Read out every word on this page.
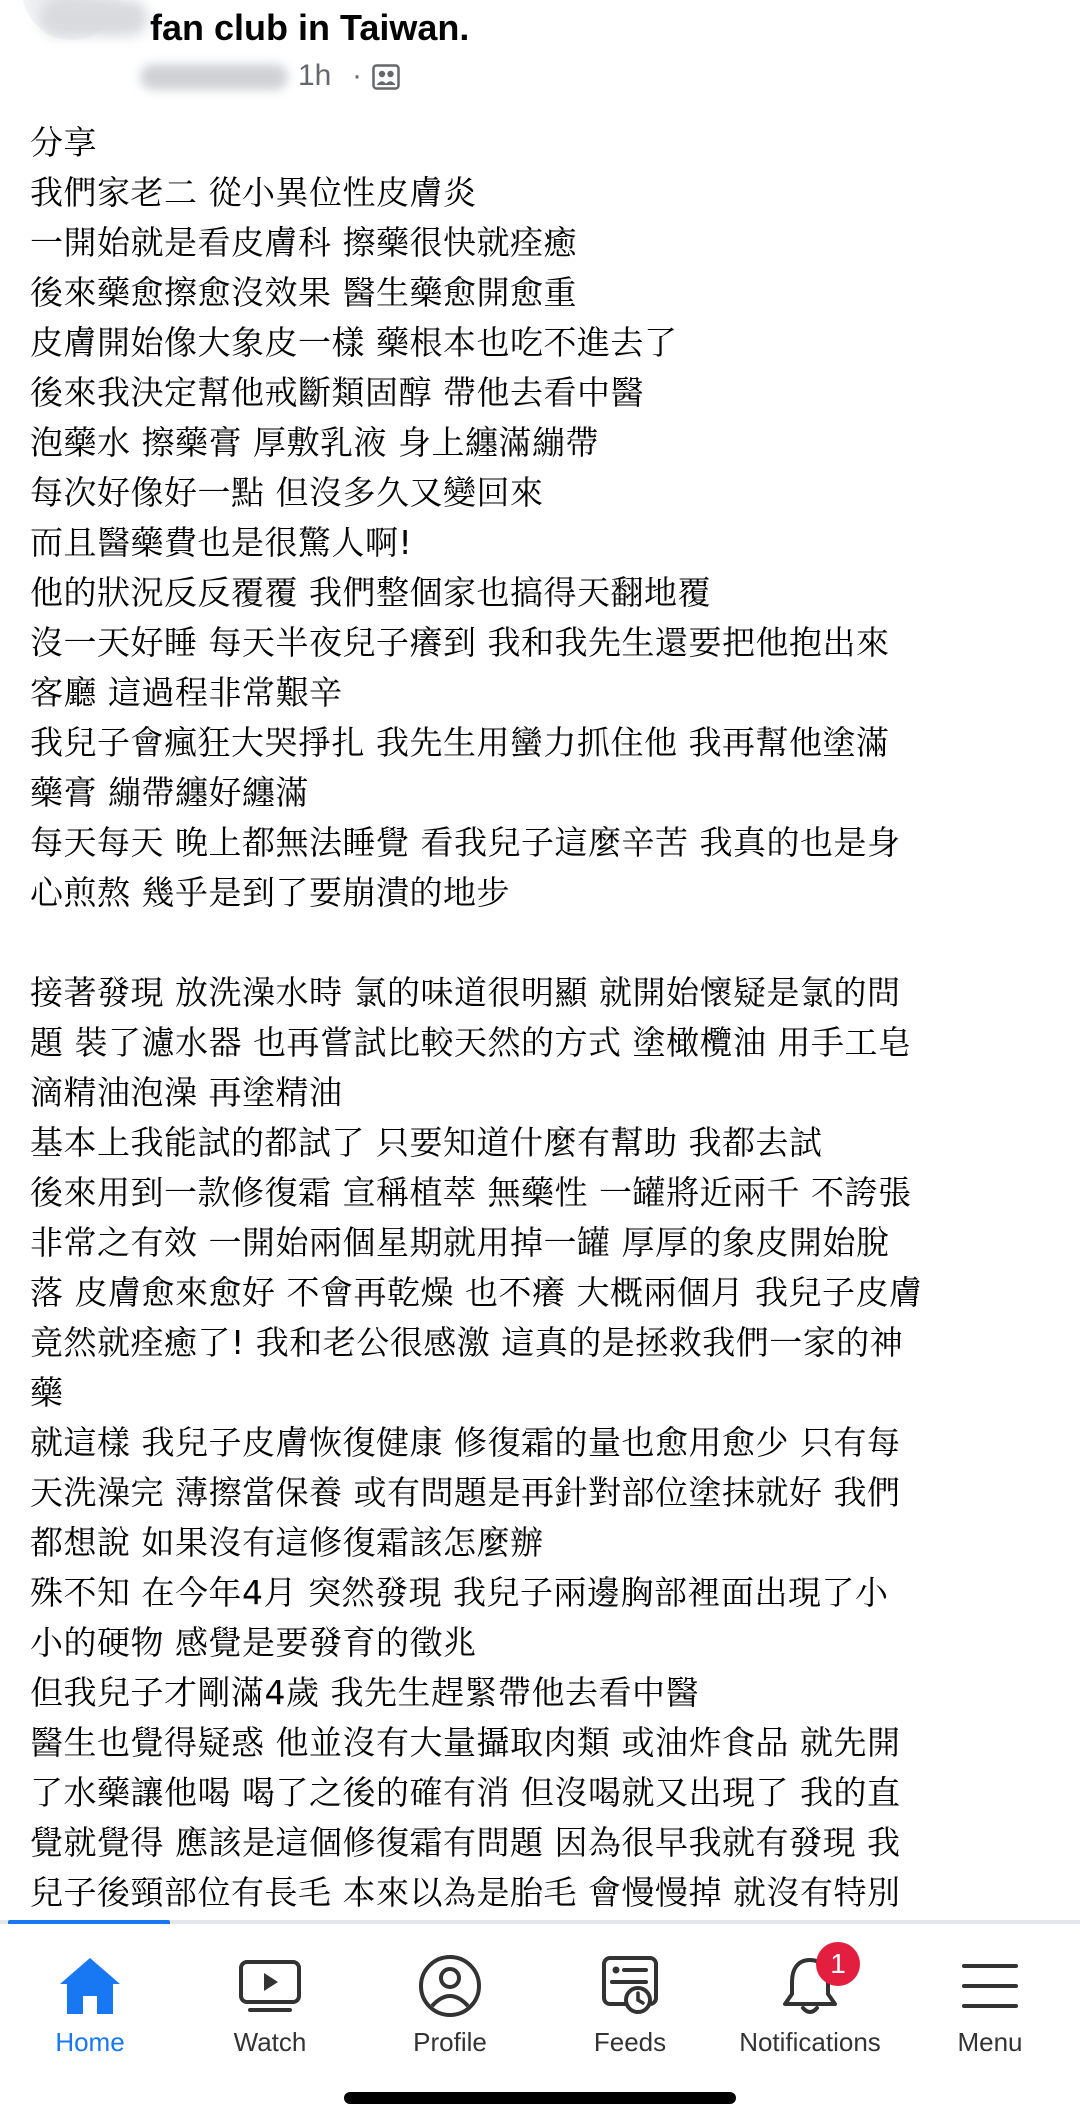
fan club in Taiwan.
1h ·
分享
我們家老二 從小異位性皮膚炎
一開始就是看皮膚科 擦藥很快就痊癒
後來藥愈擦愈沒效果 醫生藥愈開愈重
皮膚開始像大象皮一樣 藥根本也吃不進去了
後來我決定幫他戒斷類固醇 帶他去看中醫
泡藥水 擦藥膏 厚敷乳液 身上纏滿繃帶
每次好像好一點 但沒多久又變回來
而且醫藥費也是很驚人啊!
他的狀況反反覆覆 我們整個家也搞得天翻地覆
沒一天好睡 每天半夜兒子癢到 我和我先生還要把他抱出來
客廳 這過程非常艱辛
我兒子會瘋狂大哭掙扎 我先生用蠻力抓住他 我再幫他塗滿
藥膏 繃帶纏好纏滿
每天每天 晚上都無法睡覺 看我兒子這麼辛苦 我真的也是身
心煎熬 幾乎是到了要崩潰的地步
接著發現 放洗澡水時 氯的味道很明顯 就開始懷疑是氯的問
題 裝了濾水器 也再嘗試比較天然的方式 塗橄欖油 用手工皂
滴精油泡澡 再塗精油
基本上我能試的都試了 只要知道什麼有幫助 我都去試
後來用到一款修復霜 宣稱植萃 無藥性 一罐將近兩千 不誇張
非常之有效 一開始兩個星期就用掉一罐 厚厚的象皮開始脫
落 皮膚愈來愈好 不會再乾燥 也不癢 大概兩個月 我兒子皮膚
竟然就痊癒了! 我和老公很感激 這真的是拯救我們一家的神
藥
就這樣 我兒子皮膚恢復健康 修復霜的量也愈用愈少 只有每
天洗澡完 薄擦當保養 或有問題是再針對部位塗抹就好 我們
都想說 如果沒有這修復霜該怎麼辦
殊不知 在今年4月 突然發現 我兒子兩邊胸部裡面出現了小
小的硬物 感覺是要發育的徵兆
但我兒子才剛滿4歲 我先生趕緊帶他去看中醫
醫生也覺得疑惑 他並沒有大量攝取肉類 或油炸食品 就先開
了水藥讓他喝 喝了之後的確有消 但沒喝就又出現了 我的直
覺就覺得 應該是這個修復霜有問題 因為很早我就有發現 我
兒子後頸部位有長毛 本來以為是胎毛 會慢慢掉 就沒有特別
Home	Watch	Profile	Feeds
1
Notifications	Menu
